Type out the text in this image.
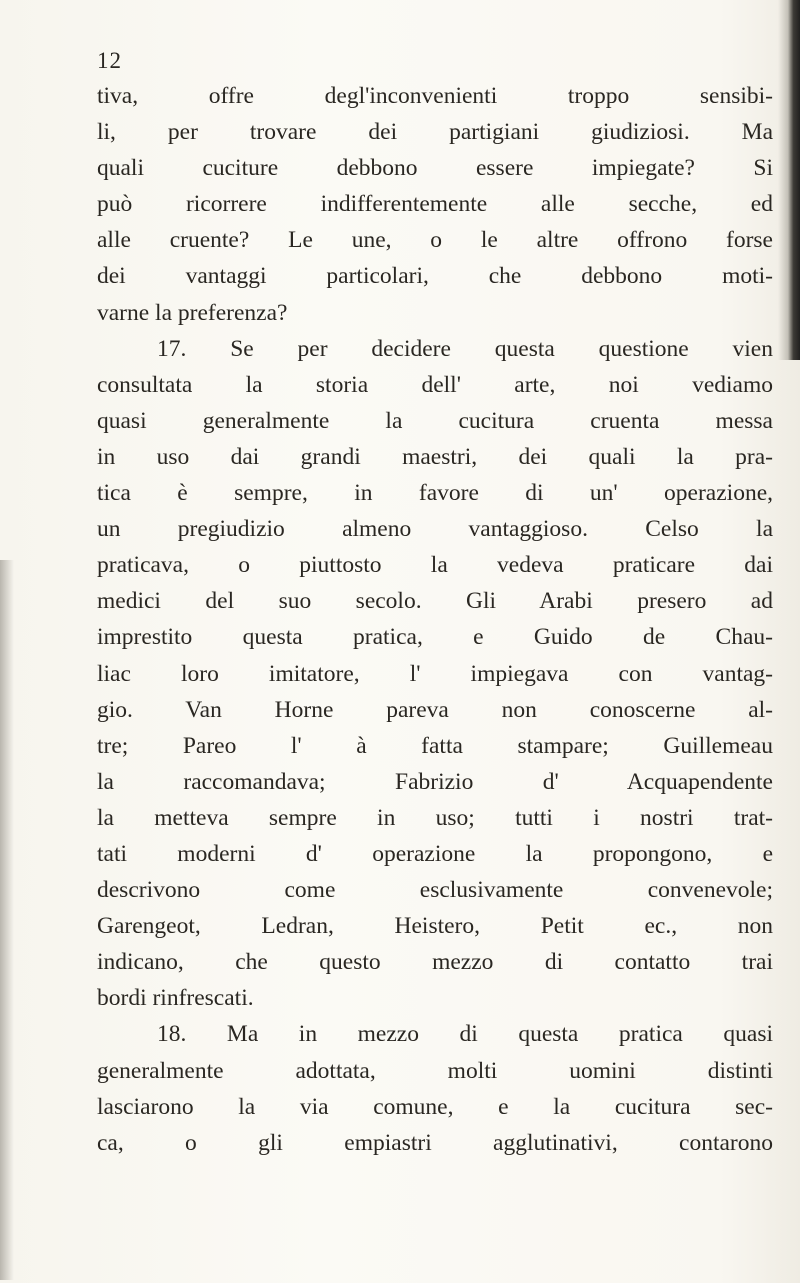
12
tiva, offre degl'inconvenienti troppo sensibi-
li, per trovare dei partigiani giudiziosi. Ma
quali cuciture debbono essere impiegate? Si
può ricorrere indifferentemente alle secche, ed
alle cruente? Le une, o le altre offrono forse
dei vantaggi particolari, che debbono moti-
varne la preferenza?
17. Se per decidere questa questione vien
consultata la storia dell' arte, noi vediamo
quasi generalmente la cucitura cruenta messa
in uso dai grandi maestri, dei quali la pra-
tica è sempre, in favore di un' operazione,
un pregiudizio almeno vantaggioso. Celso la
praticava, o piuttosto la vedeva praticare dai
medici del suo secolo. Gli Arabi presero ad
imprestito questa pratica, e Guido de Chau-
liac loro imitatore, l' impiegava con vantag-
gio. Van Horne pareva non conoscerne al-
tre; Pareo l' à fatta stampare; Guillemeau
la raccomandava; Fabrizio d' Acquapendente
la metteva sempre in uso; tutti i nostri trat-
tati moderni d' operazione la propongono, e
descrivono come esclusivamente convenevole;
Garengeot, Ledran, Heistero, Petit ec., non
indicano, che questo mezzo di contatto trai
bordi rinfrescati.
18. Ma in mezzo di questa pratica quasi
generalmente adottata, molti uomini distinti
lasciarono la via comune, e la cucitura sec-
ca, o gli empiastri agglutinativi, contarono
